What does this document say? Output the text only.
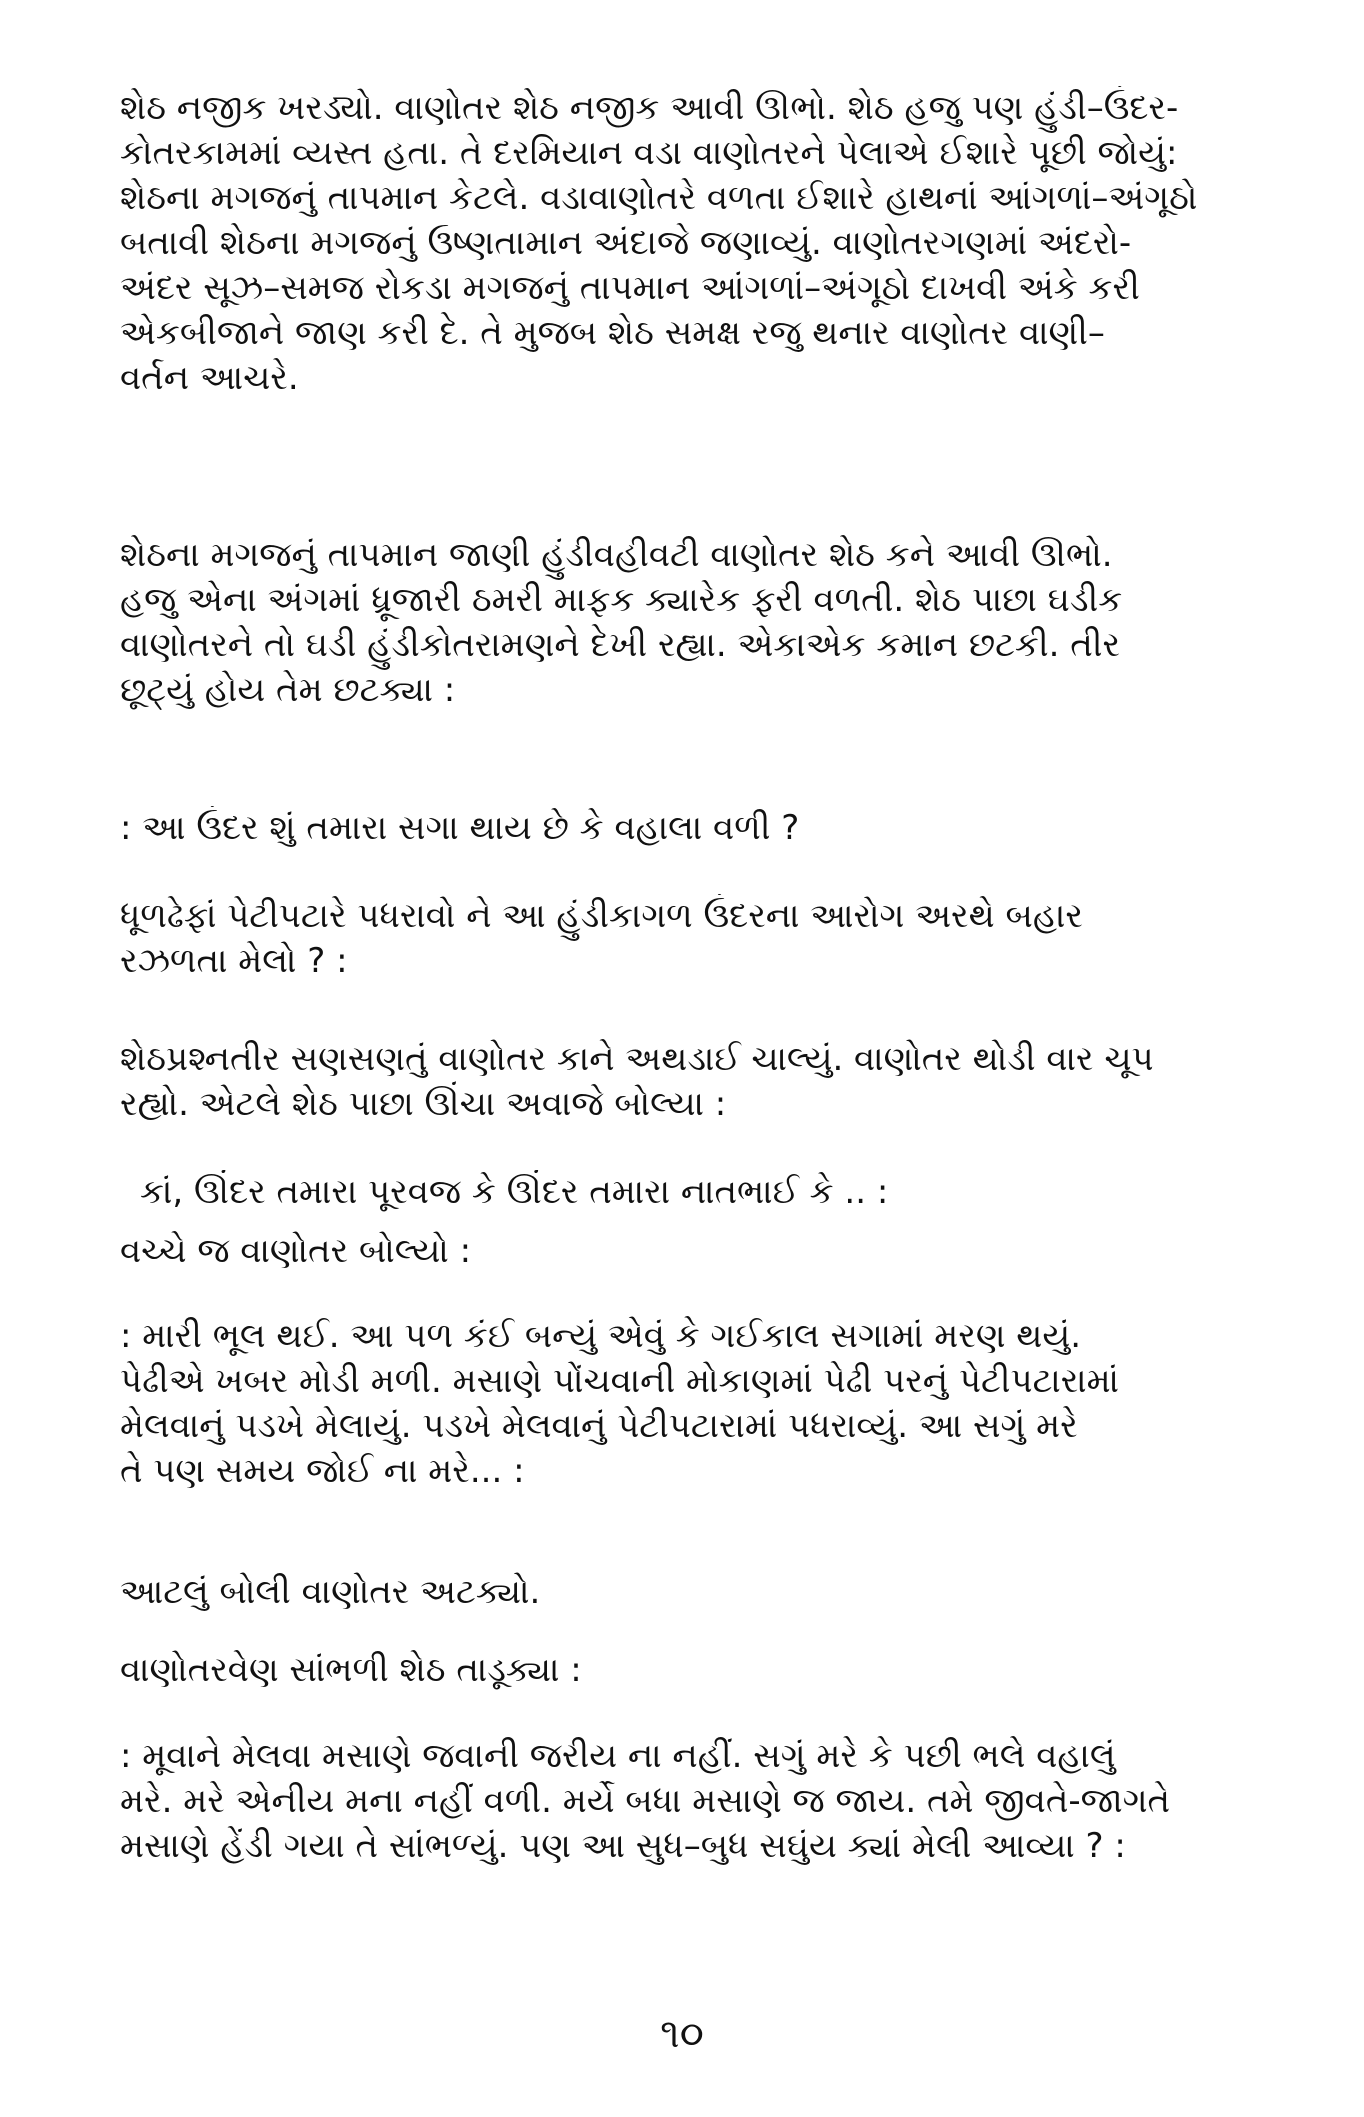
શેઠ નજીક ખરડ્યો. વાણોતર શેઠ નજીક આવી ઊભો. શેઠ હજુ પણ હુંડી–ઉંદર-
કોતરકામમાં વ્યસ્ત હતા. તે દરમિયાન વડા વાણોતરને પેલાએ ઈશારે પૂછી જોયું:
શેઠના મગજનું તાપમાન કેટલે. વડાવાણોતરે વળતા ઈશારે હાથનાં આંગળાં–અંગૂઠો
બતાવી શેઠના મગજનું ઉષ્ણતામાન અંદાજે જણાવ્યું. વાણોતરગણમાં અંદરો-
અંદર સૂઝ–સમજ રોકડા મગજનું તાપમાન આંગળાં–અંગૂઠો દાખવી અંકે કરી
એકબીજાને જાણ કરી દે. તે મુજબ શેઠ સમક્ષ રજુ થનાર વાણોતર વાણી–
વર્તન આચરે.
શેઠના મગજનું તાપમાન જાણી હુંડીવહીવટી વાણોતર શેઠ કને આવી ઊભો.
હજુ એના અંગમાં ધ્રૂજારી ઠમરી માફક ક્યારેક ફરી વળતી. શેઠ પાછા ઘડીક
વાણોતરને તો ઘડી હુંડીકોતરામણને દેખી રહ્યા. એકાએક કમાન છટકી. તીર
છૂટ્યું હોય તેમ છટક્યા :
: આ ઉંદર શું તમારા સગા થાય છે કે વહાલા વળી ?
ધૂળઢેફાં પેટીપટારે પધરાવો ને આ હુંડીકાગળ ઉંદરના આરોગ અરથે બહાર
રઝળતા મેલો ? :
શેઠપ્રશ્નતીર સણસણતું વાણોતર કાને અથડાઈ ચાલ્યું. વાણોતર થોડી વાર ચૂપ
રહ્યો. એટલે શેઠ પાછા ઊંચા અવાજે બોલ્યા :
કાં, ઊંદર તમારા પૂરવજ કે ઊંદર તમારા નાતભાઈ કે .. :
વચ્ચે જ વાણોતર બોલ્યો :
: મારી ભૂલ થઈ. આ પળ કંઈ બન્યું એવું કે ગઈકાલ સગામાં મરણ થયું.
પેઢીએ ખબર મોડી મળી. મસાણે પોંચવાની મોકાણમાં પેઢી પરનું પેટીપટારામાં
મેલવાનું પડખે મેલાયું. પડખે મેલવાનું પેટીપટારામાં પધરાવ્યું. આ સગું મરે
તે પણ સમય જોઈ ના મરે... :
આટલું બોલી વાણોતર અટક્યો.
વાણોતરવેણ સાંભળી શેઠ તાડૂક્યા :
: મૂવાને મેલવા મસાણે જવાની જરીય ના નહીં. સગું મરે કે પછી ભલે વહાલું
મરે. મરે એનીય મના નહીં વળી. મર્યે બધા મસાણે જ જાય. તમે જીવતે-જાગતે
મસાણે હેંડી ગયા તે સાંભળ્યું. પણ આ સુધ–બુધ સઘુંય ક્યાં મેલી આવ્યા ? :
૧૦
